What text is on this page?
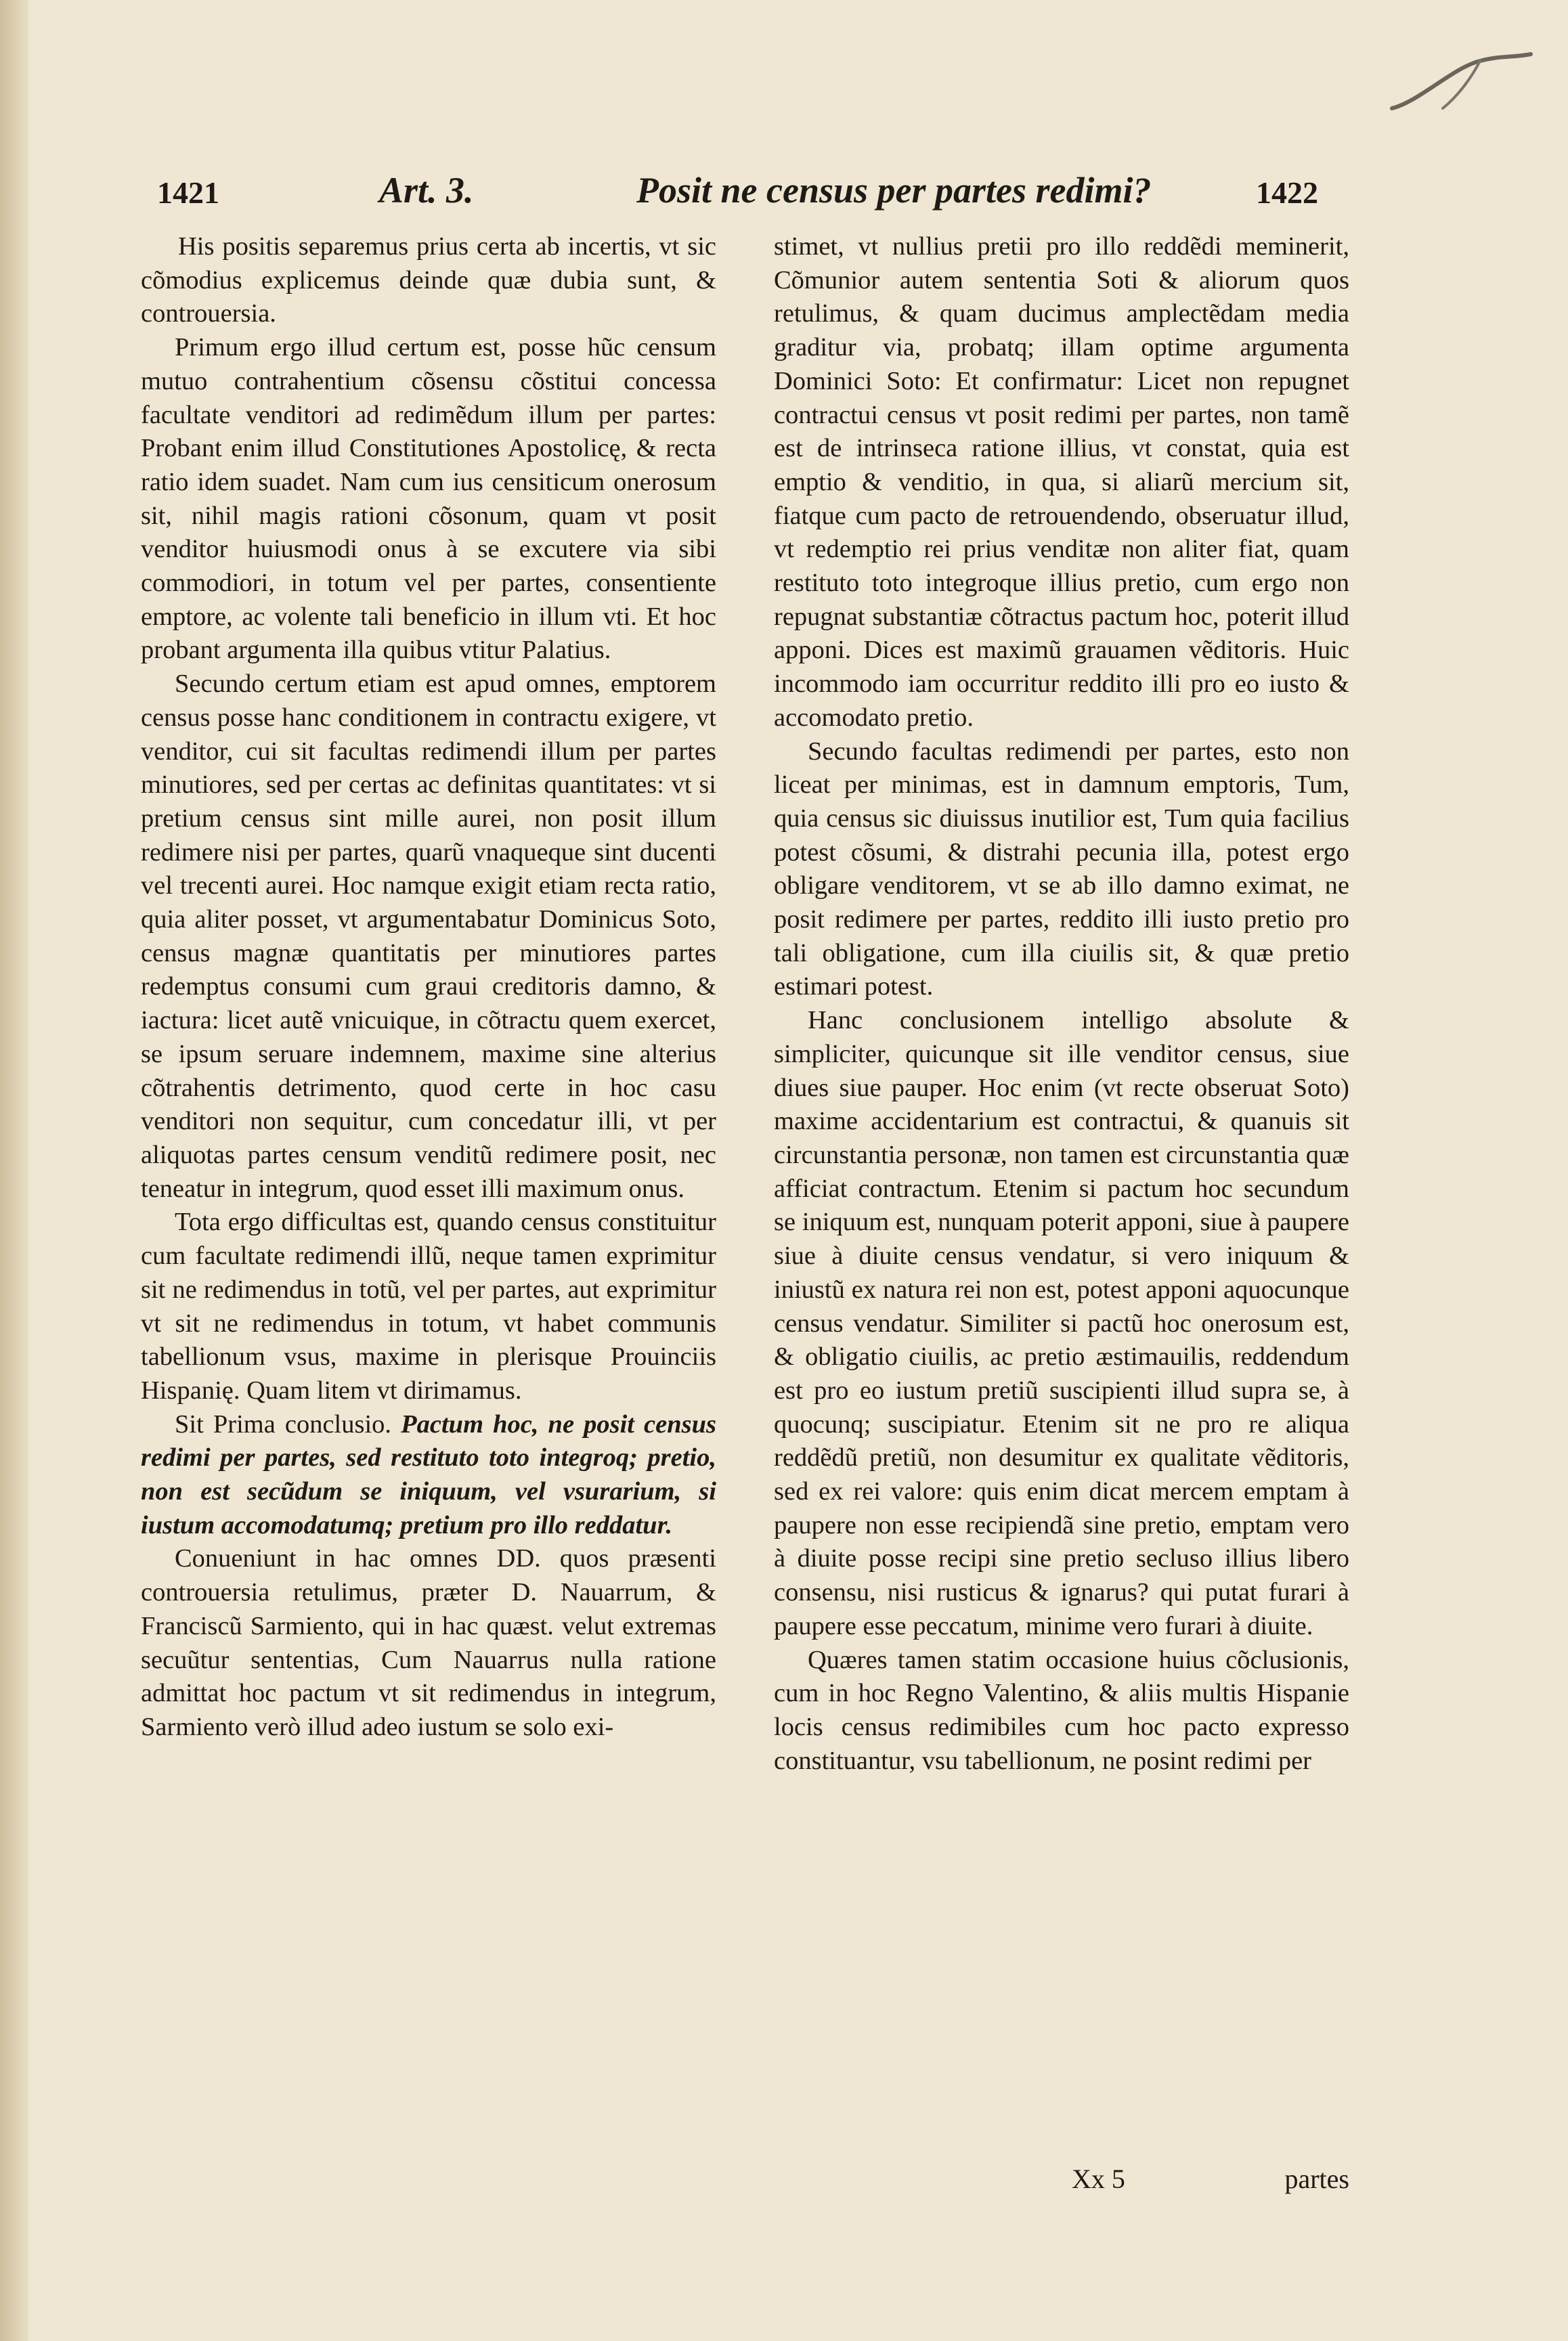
1421	Art. 3.	Posit ne census per partes redimi?	1422

His positis separemus prius certa ab incertis, vt sic cõmodius explicemus deinde quæ dubia sunt, & controuersia.

Primum ergo illud certum est, posse hũc censum mutuo contrahentium cõsensu cõstitui concessa facultate venditori ad redimẽdum illum per partes: Probant enim illud Constitutiones Apostolicę, & recta ratio idem suadet. Nam cum ius censiticum onerosum sit, nihil magis rationi cõsonum, quam vt posit venditor huiusmodi onus à se excutere via sibi commodiori, in totum vel per partes, consentiente emptore, ac volente tali beneficio in illum vti. Et hoc probant argumenta illa quibus vtitur Palatius.

Secundo certum etiam est apud omnes, emptorem census posse hanc conditionem in contractu exigere, vt venditor, cui sit facultas redimendi illum per partes minutiores, sed per certas ac definitas quantitates: vt si pretium census sint mille aurei, non posit illum redimere nisi per partes, quarũ vnaqueque sint ducenti vel trecenti aurei. Hoc namque exigit etiam recta ratio, quia aliter posset, vt argumentabatur Dominicus Soto, census magnæ quantitatis per minutiores partes redemptus consumi cum graui creditoris damno, & iactura: licet autẽ vnicuique, in cõtractu quem exercet, se ipsum seruare indemnem, maxime sine alterius cõtrahentis detrimento, quod certe in hoc casu venditori non sequitur, cum concedatur illi, vt per aliquotas partes censum venditũ redimere posit, nec teneatur in integrum, quod esset illi maximum onus.

Tota ergo difficultas est, quando census constituitur cum facultate redimendi illũ, neque tamen exprimitur sit ne redimendus in totũ, vel per partes, aut exprimitur vt sit ne redimendus in totum, vt habet communis tabellionum vsus, maxime in plerisque Prouinciis Hispanię. Quam litem vt dirimamus.

Sit Prima conclusio. Pactum hoc, ne posit census redimi per partes, sed restituto toto integroq; pretio, non est secũdum se iniquum, vel vsurarium, si iustum accomodatumq; pretium pro illo reddatur.

Conueniunt in hac omnes DD. quos præsenti controuersia retulimus, præter D. Nauarrum, & Franciscũ Sarmiento, qui in hac quæst. velut extremas secuũtur sententias, Cum Nauarrus nulla ratione admittat hoc pactum vt sit redimendus in integrum, Sarmiento verò illud adeo iustum se solo exi-

stimet, vt nullius pretii pro illo reddẽdi meminerit, Cõmunior autem sententia Soti & aliorum quos retulimus, & quam ducimus amplectẽdam media graditur via, probatq; illam optime argumenta Dominici Soto: Et confirmatur: Licet non repugnet contractui census vt posit redimi per partes, non tamẽ est de intrinseca ratione illius, vt constat, quia est emptio & venditio, in qua, si aliarũ mercium sit, fiatque cum pacto de retrouendendo, obseruatur illud, vt redemptio rei prius venditæ non aliter fiat, quam restituto toto integroque illius pretio, cum ergo non repugnat substantiæ cõtractus pactum hoc, poterit illud apponi. Dices est maximũ grauamen vẽditoris. Huic incommodo iam occurritur reddito illi pro eo iusto & accomodato pretio.

Secundo facultas redimendi per partes, esto non liceat per minimas, est in damnum emptoris, Tum, quia census sic diuissus inutilior est, Tum quia facilius potest cõsumi, & distrahi pecunia illa, potest ergo obligare venditorem, vt se ab illo damno eximat, ne posit redimere per partes, reddito illi iusto pretio pro tali obligatione, cum illa ciuilis sit, & quæ pretio estimari potest.

Hanc conclusionem intelligo absolute & simpliciter, quicunque sit ille venditor census, siue diues siue pauper. Hoc enim (vt recte obseruat Soto) maxime accidentarium est contractui, & quanuis sit circunstantia personæ, non tamen est circunstantia quæ afficiat contractum. Etenim si pactum hoc secundum se iniquum est, nunquam poterit apponi, siue à paupere siue à diuite census vendatur, si vero iniquum & iniustũ ex natura rei non est, potest apponi aquocunque census vendatur. Similiter si pactũ hoc onerosum est, & obligatio ciuilis, ac pretio æstimauilis, reddendum est pro eo iustum pretiũ suscipienti illud supra se, à quocunq; suscipiatur. Etenim sit ne pro re aliqua reddẽdũ pretiũ, non desumitur ex qualitate vẽditoris, sed ex rei valore: quis enim dicat mercem emptam à paupere non esse recipiendã sine pretio, emptam vero à diuite posse recipi sine pretio secluso illius libero consensu, nisi rusticus & ignarus? qui putat furari à paupere esse peccatum, minime vero furari à diuite.

Quæres tamen statim occasione huius cõclusionis, cum in hoc Regno Valentino, & aliis multis Hispanie locis census redimibiles cum hoc pacto expresso constituantur, vsu tabellionum, ne posint redimi per

Xx 5	partes
